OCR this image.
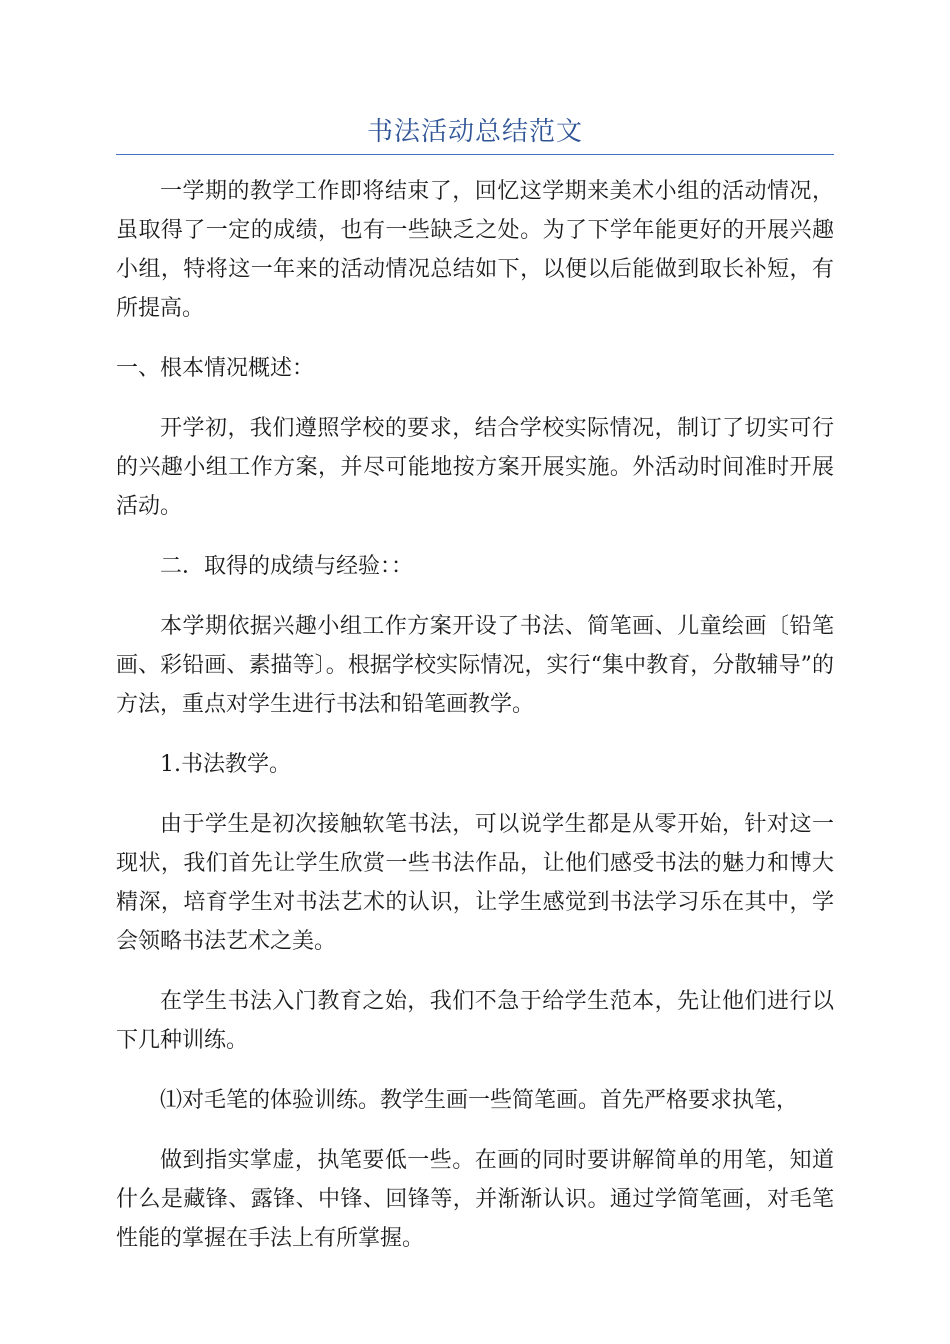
书法活动总结范文

一学期的教学工作即将结束了，回忆这学期来美术小组的活动情况，虽取得了一定的成绩，也有一些缺乏之处。为了下学年能更好的开展兴趣小组，特将这一年来的活动情况总结如下，以便以后能做到取长补短，有所提高。

一、根本情况概述：

开学初，我们遵照学校的要求，结合学校实际情况，制订了切实可行的兴趣小组工作方案，并尽可能地按方案开展实施。外活动时间准时开展活动。

二．取得的成绩与经验：：

本学期依据兴趣小组工作方案开设了书法、简笔画、儿童绘画〔铅笔画、彩铅画、素描等〕。根据学校实际情况，实行“集中教育，分散辅导”的方法，重点对学生进行书法和铅笔画教学。

1.书法教学。

由于学生是初次接触软笔书法，可以说学生都是从零开始，针对这一现状，我们首先让学生欣赏一些书法作品，让他们感受书法的魅力和博大精深，培育学生对书法艺术的认识，让学生感觉到书法学习乐在其中，学会领略书法艺术之美。

在学生书法入门教育之始，我们不急于给学生范本，先让他们进行以下几种训练。

⑴对毛笔的体验训练。教学生画一些简笔画。首先严格要求执笔，

做到指实掌虚，执笔要低一些。在画的同时要讲解简单的用笔，知道什么是藏锋、露锋、中锋、回锋等，并渐渐认识。通过学简笔画，对毛笔性能的掌握在手法上有所掌握。
